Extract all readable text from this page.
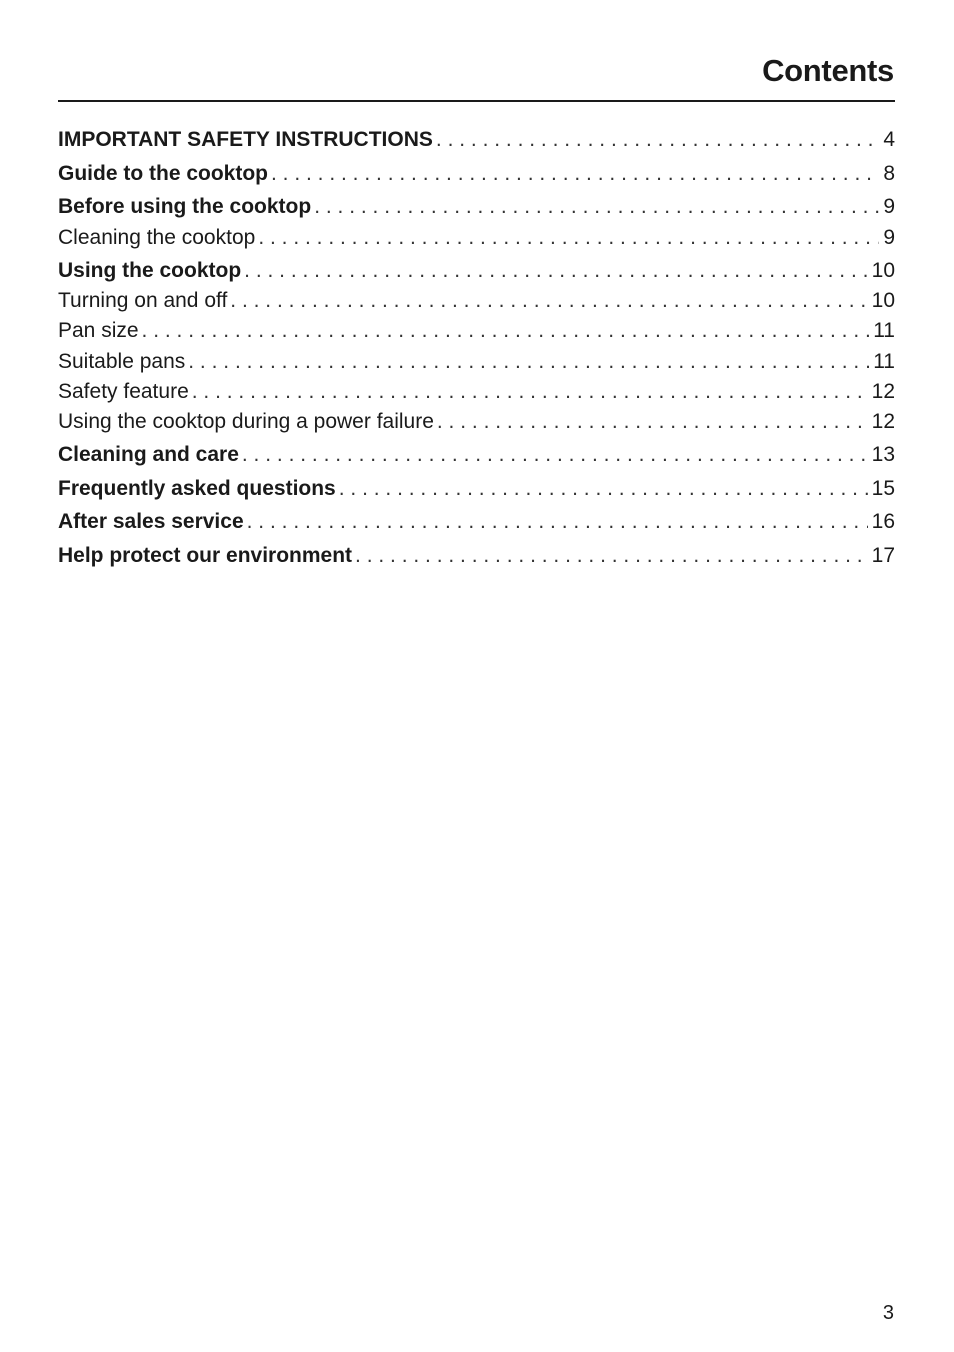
Contents
IMPORTANT SAFETY INSTRUCTIONS . . .	4
Guide to the cooktop . . .	8
Before using the cooktop . . .	9
Cleaning the cooktop . . .	9
Using the cooktop . . .	10
Turning on and off . . .	10
Pan size . . .	11
Suitable pans . . .	11
Safety feature . . .	12
Using the cooktop during a power failure . . .	12
Cleaning and care . . .	13
Frequently asked questions . . .	15
After sales service . . .	16
Help protect our environment . . .	17
3
